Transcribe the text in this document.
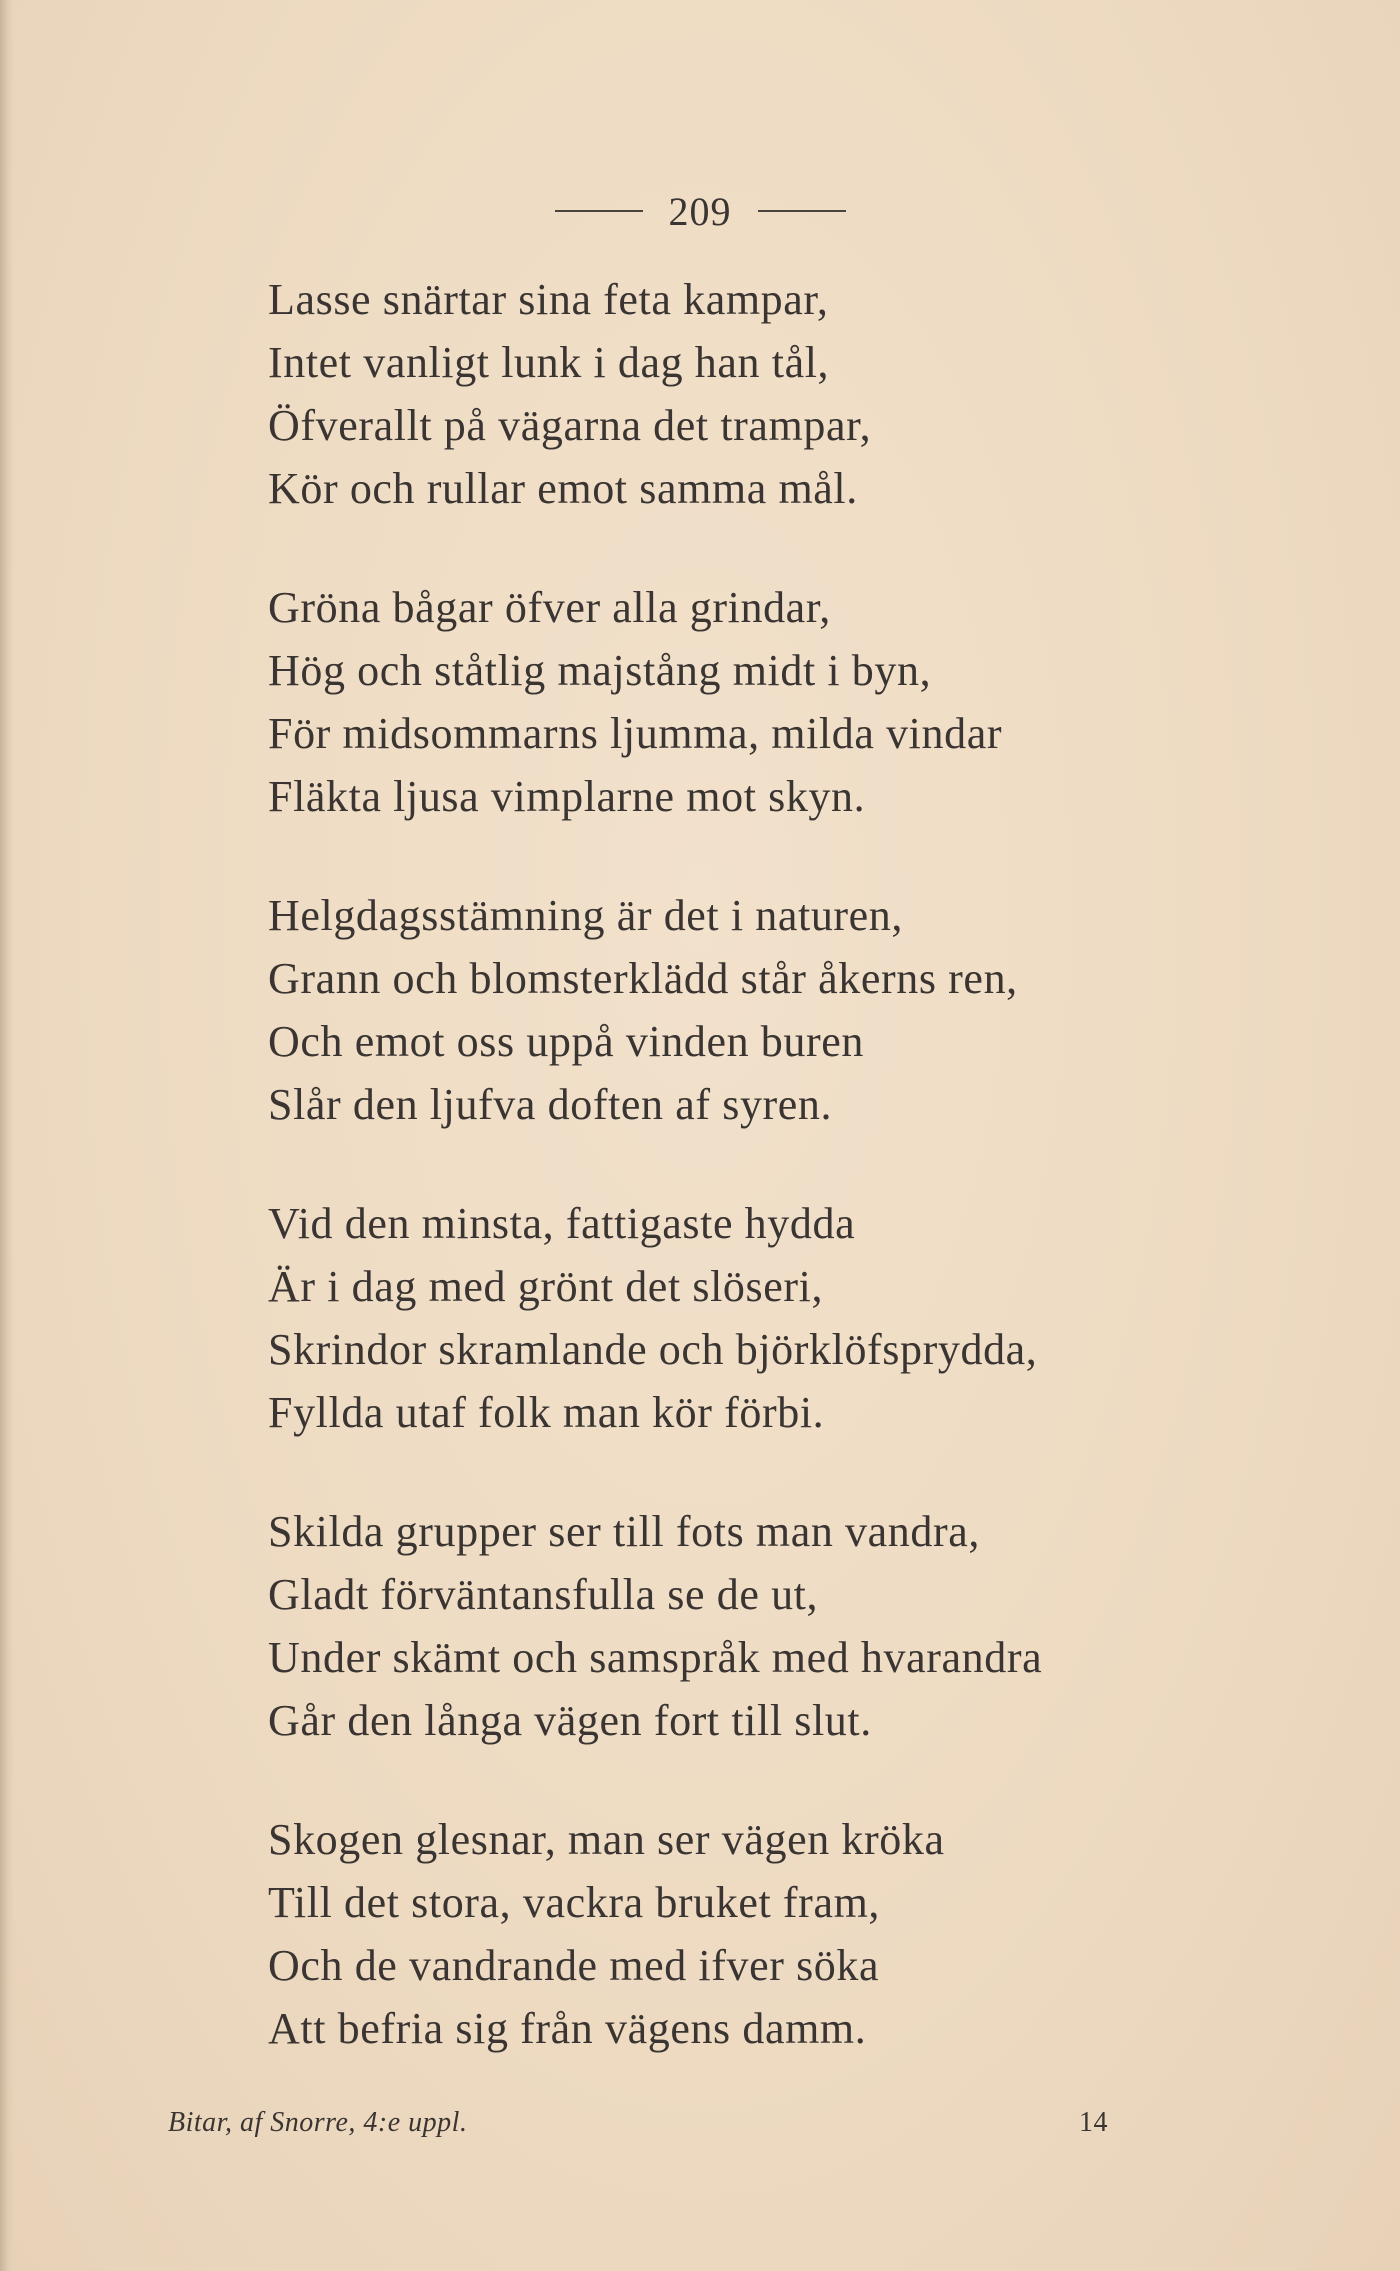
209
Lasse snärtar sina feta kampar,
Intet vanligt lunk i dag han tål,
Öfverallt på vägarna det trampar,
Kör och rullar emot samma mål.
Gröna bågar öfver alla grindar,
Hög och ståtlig majstång midt i byn,
För midsommarns ljumma, milda vindar
Fläkta ljusa vimplarne mot skyn.
Helgdagsstämning är det i naturen,
Grann och blomsterklädd står åkerns ren,
Och emot oss uppå vinden buren
Slår den ljufva doften af syren.
Vid den minsta, fattigaste hydda
Är i dag med grönt det slöseri,
Skrindor skramlande och björklöfsprydda,
Fyllda utaf folk man kör förbi.
Skilda grupper ser till fots man vandra,
Gladt förväntansfulla se de ut,
Under skämt och samspråk med hvarandra
Går den långa vägen fort till slut.
Skogen glesnar, man ser vägen kröka
Till det stora, vackra bruket fram,
Och de vandrande med ifver söka
Att befria sig från vägens damm.
Bitar, af Snorre, 4:e uppl.	14
